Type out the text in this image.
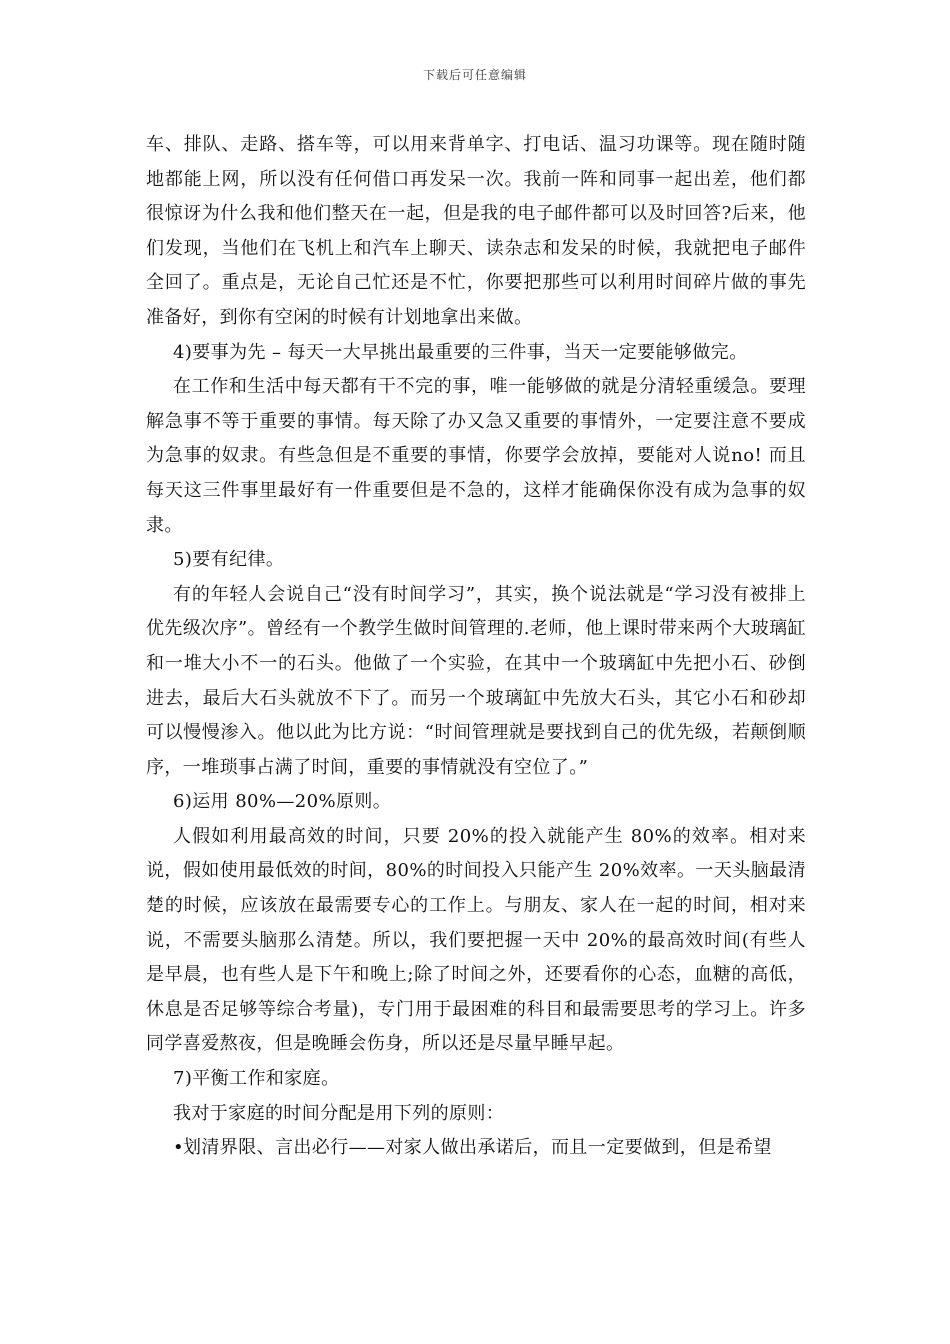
下载后可任意编辑

车、排队、走路、搭车等，可以用来背单字、打电话、温习功课等。现在随时随地都能上网，所以没有任何借口再发呆一次。我前一阵和同事一起出差，他们都很惊讶为什么我和他们整天在一起，但是我的电子邮件都可以及时回答?后来，他们发现，当他们在飞机上和汽车上聊天、读杂志和发呆的时候，我就把电子邮件全回了。重点是，无论自己忙还是不忙，你要把那些可以利用时间碎片做的事先准备好，到你有空闲的时候有计划地拿出来做。

4)要事为先 – 每天一大早挑出最重要的三件事，当天一定要能够做完。

在工作和生活中每天都有干不完的事，唯一能够做的就是分清轻重缓急。要理解急事不等于重要的事情。每天除了办又急又重要的事情外，一定要注意不要成为急事的奴隶。有些急但是不重要的事情，你要学会放掉，要能对人说no! 而且每天这三件事里最好有一件重要但是不急的，这样才能确保你没有成为急事的奴隶。

5)要有纪律。

有的年轻人会说自己“没有时间学习”，其实，换个说法就是“学习没有被排上优先级次序”。曾经有一个教学生做时间管理的.老师，他上课时带来两个大玻璃缸和一堆大小不一的石头。他做了一个实验，在其中一个玻璃缸中先把小石、砂倒进去，最后大石头就放不下了。而另一个玻璃缸中先放大石头，其它小石和砂却可以慢慢渗入。他以此为比方说：“时间管理就是要找到自己的优先级，若颠倒顺序，一堆琐事占满了时间，重要的事情就没有空位了。”

6)运用 80%—20%原则。

人假如利用最高效的时间，只要 20%的投入就能产生 80%的效率。相对来说，假如使用最低效的时间，80%的时间投入只能产生 20%效率。一天头脑最清楚的时候，应该放在最需要专心的工作上。与朋友、家人在一起的时间，相对来说，不需要头脑那么清楚。所以，我们要把握一天中 20%的最高效时间(有些人是早晨，也有些人是下午和晚上;除了时间之外，还要看你的心态，血糖的高低，休息是否足够等综合考量)，专门用于最困难的科目和最需要思考的学习上。许多同学喜爱熬夜，但是晚睡会伤身，所以还是尽量早睡早起。

7)平衡工作和家庭。

我对于家庭的时间分配是用下列的原则：

•划清界限、言出必行——对家人做出承诺后，而且一定要做到，但是希望
